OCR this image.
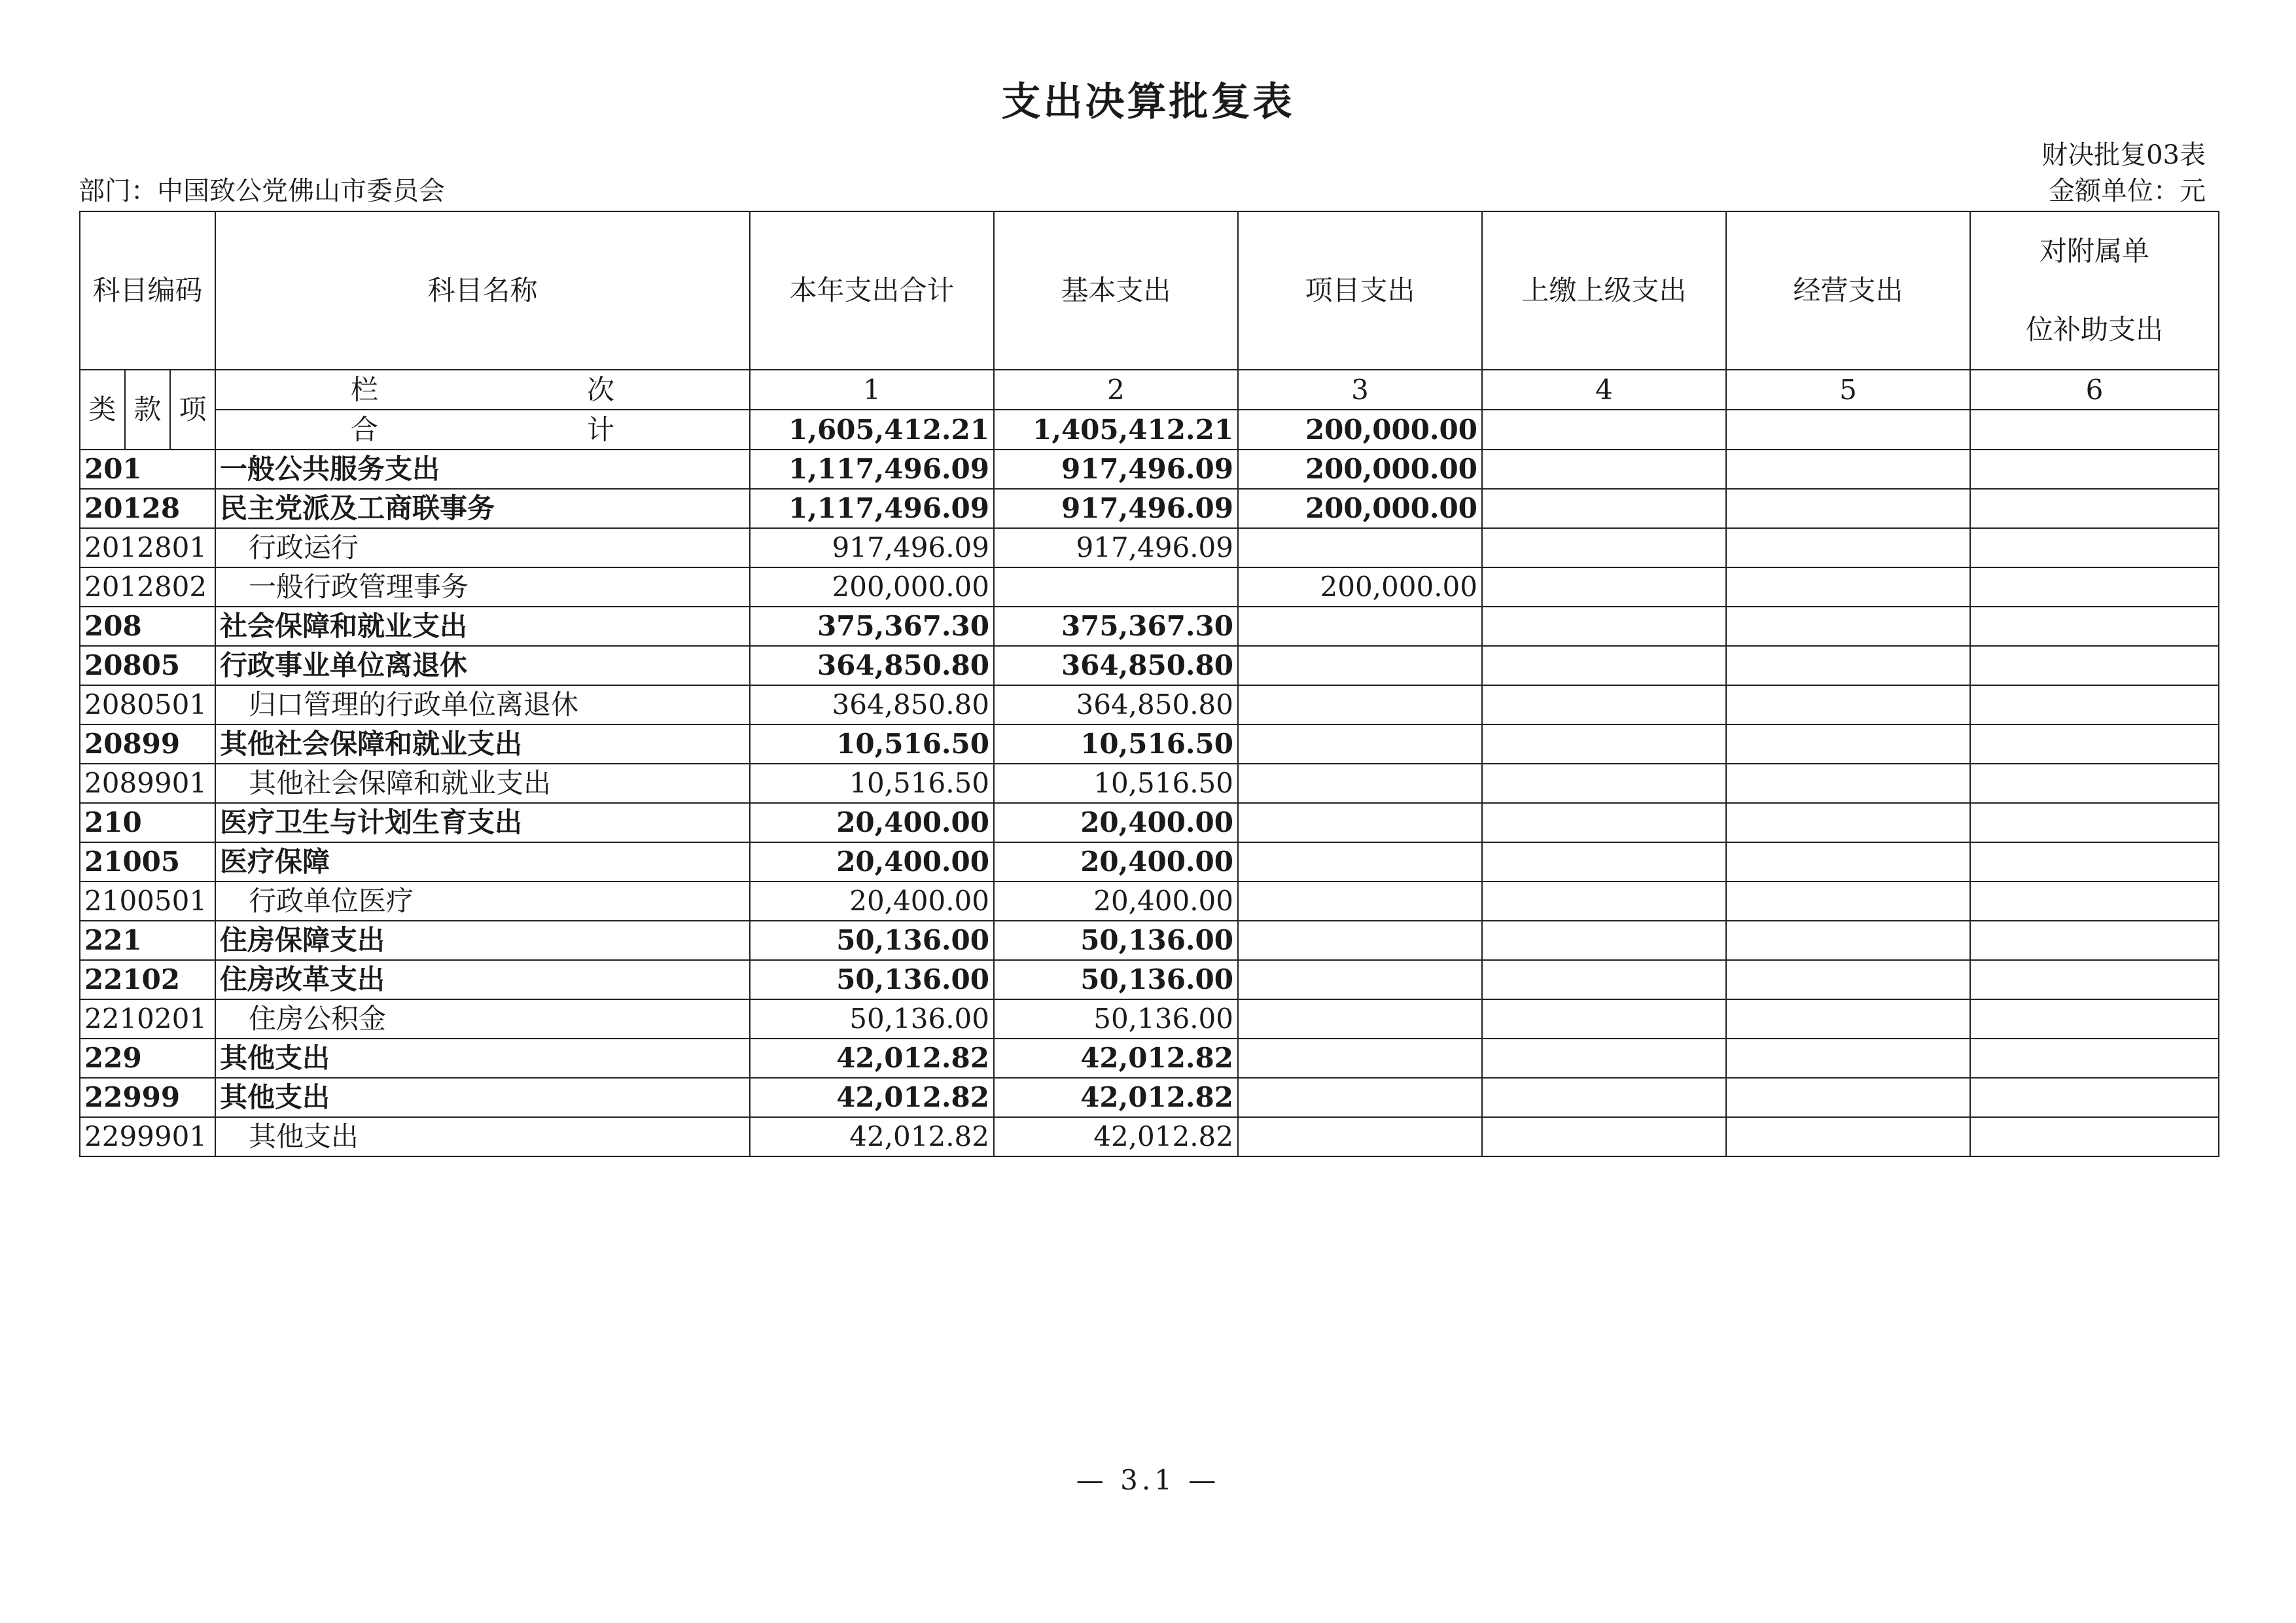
支出决算批复表
部门：中国致公党佛山市委员会
财决批复03表
金额单位：元
科目编码	科目名称	本年支出合计	基本支出	项目支出	上缴上级支出	经营支出	对附属单
位补助支出

类 款 项	栏 次	1	2	3	4	5	6

	合 计	1,605,412.21	1,405,412.21	200,000.00			
201	一般公共服务支出	1,117,496.09	917,496.09	200,000.00			
20128	民主党派及工商联事务	1,117,496.09	917,496.09	200,000.00			
2012801	行政运行	917,496.09	917,496.09				
2012802	一般行政管理事务	200,000.00		200,000.00			
208	社会保障和就业支出	375,367.30	375,367.30				
20805	行政事业单位离退休	364,850.80	364,850.80				
2080501	归口管理的行政单位离退休	364,850.80	364,850.80				
20899	其他社会保障和就业支出	10,516.50	10,516.50				
2089901	其他社会保障和就业支出	10,516.50	10,516.50				
210	医疗卫生与计划生育支出	20,400.00	20,400.00				
21005	医疗保障	20,400.00	20,400.00				
2100501	行政单位医疗	20,400.00	20,400.00				
221	住房保障支出	50,136.00	50,136.00				
22102	住房改革支出	50,136.00	50,136.00				
2210201	住房公积金	50,136.00	50,136.00				
229	其他支出	42,012.82	42,012.82				
22999	其他支出	42,012.82	42,012.82				
2299901	其他支出	42,012.82	42,012.82				
— 3.1 —
